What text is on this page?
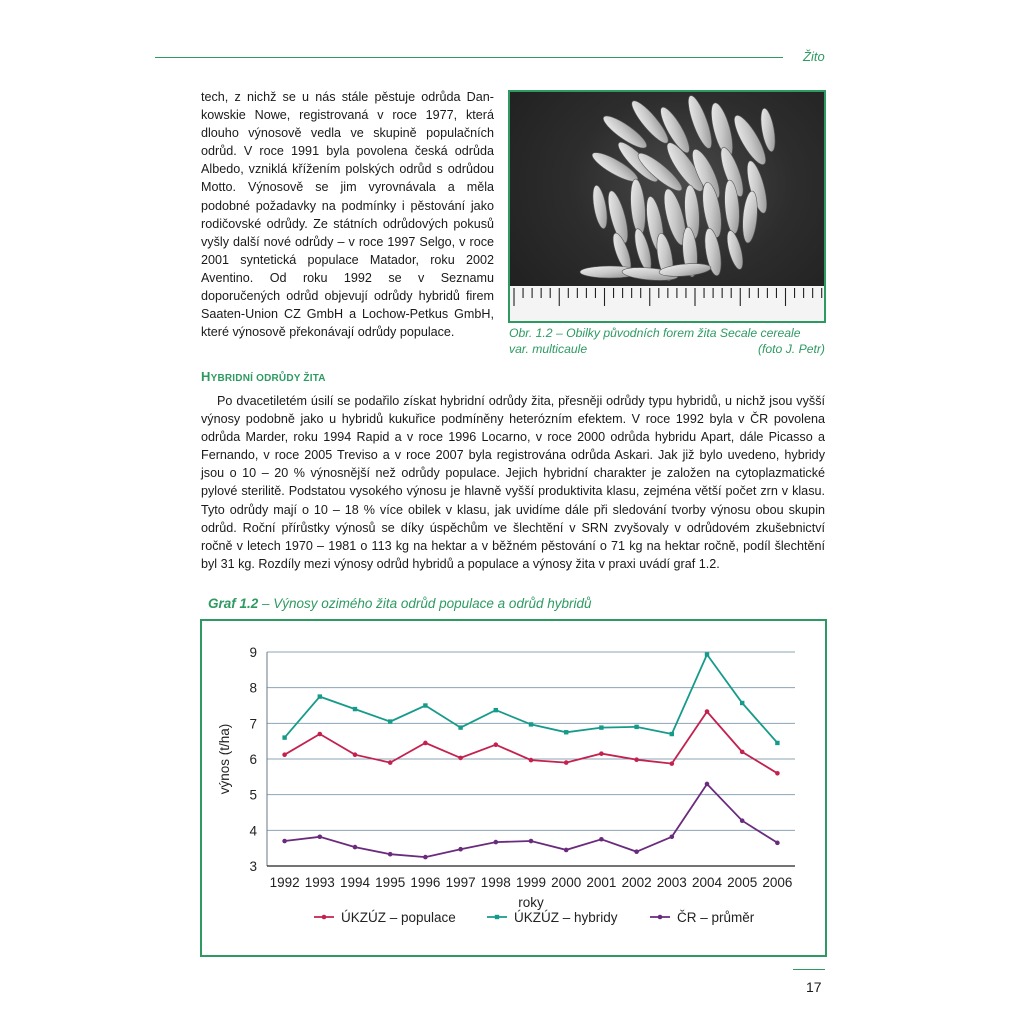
Žito

tech, z nichž se u nás stále pěstuje odrůda Dankowskie Nowe, registrovaná v roce 1977, která dlouho výnosově vedla ve skupině populačních odrůd. V roce 1991 byla povolena česká odrůda Albedo, vzniklá křížením polských odrůd s odrůdou Motto. Výnosově se jim vyrovnávala a měla podobné požadavky na podmínky i pěstování jako rodičovské odrůdy. Ze státních odrůdových pokusů vyšly další nové odrůdy – v roce 1997 Selgo, v roce 2001 syntetická populace Matador, roku 2002 Aventino. Od roku 1992 se v Seznamu doporučených odrůd objevují odrůdy hybridů firem Saaten-Union CZ GmbH a Lochow-Petkus GmbH, které výnosově překonávají odrůdy populace.	Obr. 1.2 – Obilky původních forem žita Secale cereale
var. multicaule	(foto J. Petr)
HYBRIDNÍ ODRŮDY ŽITA

Po dvacetiletém úsilí se podařilo získat hybridní odrůdy žita, přesněji odrůdy typu hybridů, u nichž jsou vyšší výnosy podobně jako u hybridů kukuřice podmíněny heterózním efektem. V roce 1992 byla v ČR povolena odrůda Marder, roku 1994 Rapid a v roce 1996 Locarno, v roce 2000 odrůda hybridu Apart, dále Picasso a Fernando, v roce 2005 Treviso a v roce 2007 byla registrována odrůda Askari. Jak již bylo uvedeno, hybridy jsou o 10 – 20 % výnosnější než odrůdy populace. Jejich hybridní charakter je založen na cytoplazmatické pylové sterilitě. Podstatou vysokého výnosu je hlavně vyšší produktivita klasu, zejména větší počet zrn v klasu. Tyto odrůdy mají o 10 – 18 % více obilek v klasu, jak uvidíme dále při sledování tvorby výnosu obou skupin odrůd. Roční přírůstky výnosů se díky úspěchům ve šlechtění v SRN zvyšovaly v odrůdovém zkušebnictví ročně v letech 1970 – 1981 o 113 kg na hektar a v běžném pěstování o 71 kg na hektar ročně, podíl šlechtění byl 31 kg. Rozdíly mezi výnosy odrůd hybridů a populace a výnosy žita v praxi uvádí graf 1.2.

Graf 1.2 – Výnosy ozimého žita odrůd populace a odrůd hybridů
3
4
5
6
7
8
9
1992 1993 1994 1995 1996 1997 1998 1999 2000 2001 2002 2003 2004 2005 2006
roky
výnos (t/ha)
ÚKZÚZ – populace	ÚKZÚZ – hybridy	ČR – průměr
17
